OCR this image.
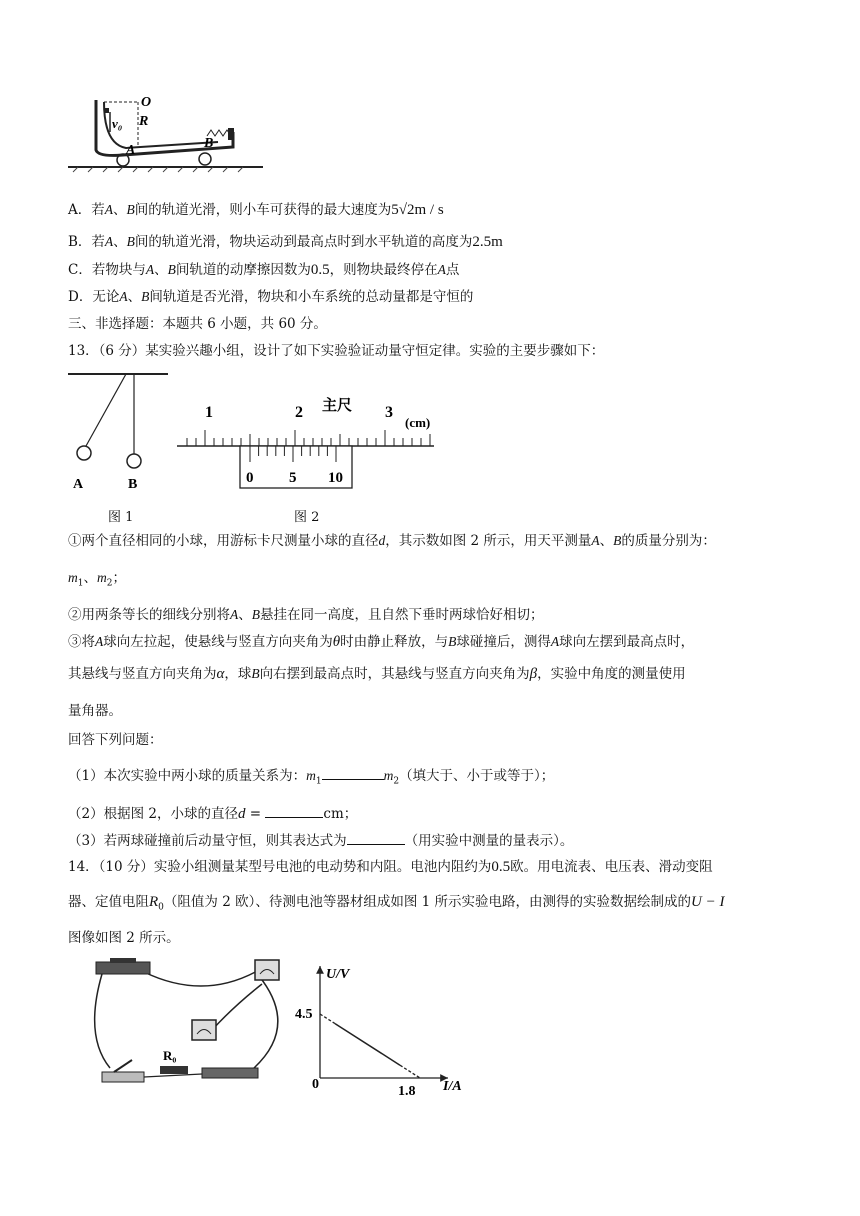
O
v₀ R
A	B
A．若A、B间的轨道光滑，则小车可获得的最大速度为5√2m / s
B．若A、B间的轨道光滑，物块运动到最高点时到水平轨道的高度为2.5m
C．若物块与A、B间轨道的动摩擦因数为0.5，则物块最终停在A点
D．无论A、B间轨道是否光滑，物块和小车系统的总动量都是守恒的
三、非选择题：本题共 6 小题，共 60 分。
13．（6 分）某实验兴趣小组，设计了如下实验验证动量守恒定律。实验的主要步骤如下：
A	B
图 1
1	2	3
主尺
(cm)
0 5 10
图 2
①两个直径相同的小球，用游标卡尺测量小球的直径d，其示数如图 2 所示，用天平测量A、B的质量分别为：
$m_1$、$m_2$；
②用两条等长的细线分别将A、B悬挂在同一高度，且自然下垂时两球恰好相切；
③将A球向左拉起，使悬线与竖直方向夹角为θ时由静止释放，与B球碰撞后，测得A球向左摆到最高点时，
其悬线与竖直方向夹角为α，球B向右摆到最高点时，其悬线与竖直方向夹角为β，实验中角度的测量使用
量角器。
回答下列问题：
（1）本次实验中两小球的质量关系为：$m_1$	$m_2$（填大于、小于或等于）；
（2）根据图 2，小球的直径d =	cm；
（3）若两球碰撞前后动量守恒，则其表达式为	（用实验中测量的量表示）。
14．（10 分）实验小组测量某型号电池的电动势和内阻。电池内阻约为0.5欧。用电流表、电压表、滑动变阻
器、定值电阻$R_0$（阻值为 2 欧）、待测电池等器材组成如图 1 所示实验电路，由测得的实验数据绘制成的U − I
图像如图 2 所示。
R₀
U/V
I/A
4.5
0	1.8
